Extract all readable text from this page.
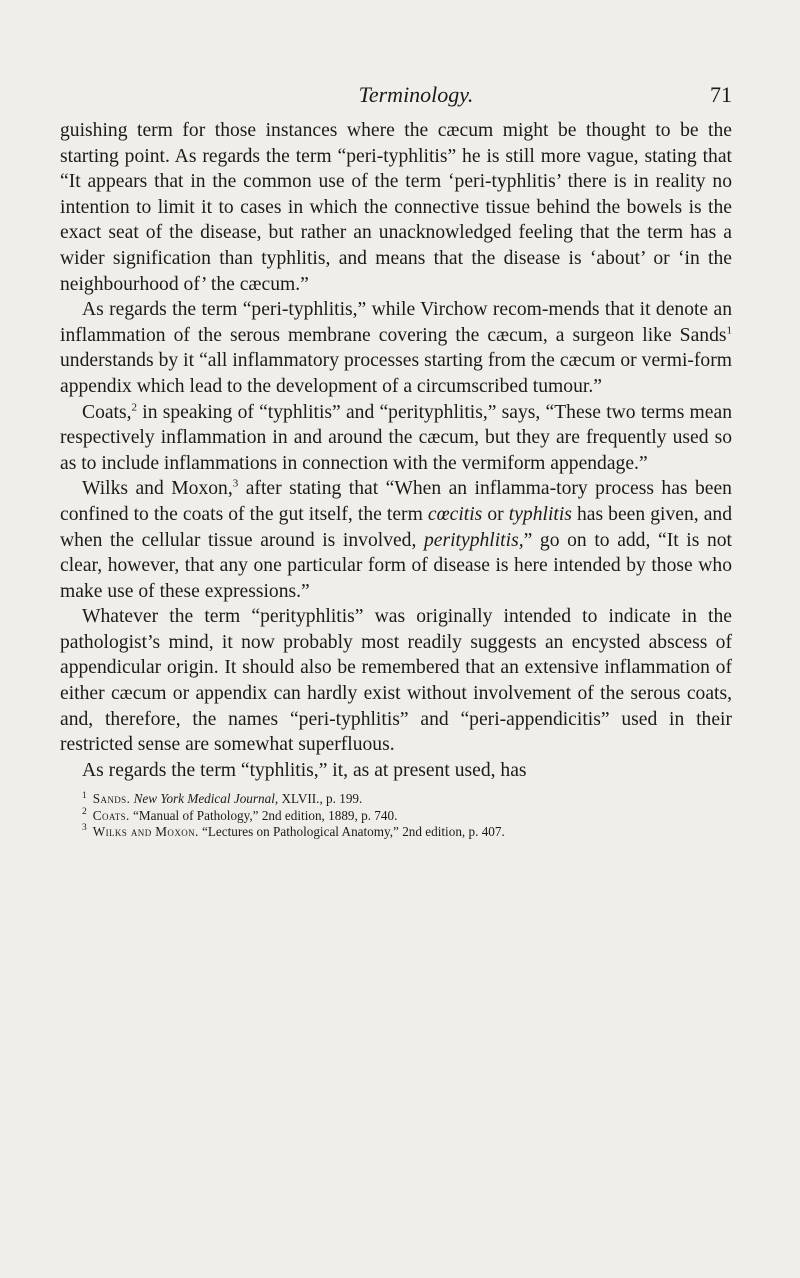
Terminology.	71

guishing term for those instances where the cæcum might be thought to be the starting point. As regards the term “peri-typhlitis” he is still more vague, stating that “It appears that in the common use of the term ‘peri-typhlitis’ there is in reality no intention to limit it to cases in which the connective tissue behind the bowels is the exact seat of the disease, but rather an unacknowledged feeling that the term has a wider signification than typhlitis, and means that the disease is ‘about’ or ‘in the neighbourhood of’ the cæcum.”

As regards the term “peri-typhlitis,” while Virchow recom-mends that it denote an inflammation of the serous membrane covering the cæcum, a surgeon like Sands$^1$ understands by it “all inflammatory processes starting from the cæcum or vermi-form appendix which lead to the development of a circumscribed tumour.”

Coats,$^2$ in speaking of “typhlitis” and “perityphlitis,” says, “These two terms mean respectively inflammation in and around the cæcum, but they are frequently used so as to include inflammations in connection with the vermiform appendage.”

Wilks and Moxon,$^3$ after stating that “When an inflamma-tory process has been confined to the coats of the gut itself, the term cœcitis or typhlitis has been given, and when the cellular tissue around is involved, perityphlitis,” go on to add, “It is not clear, however, that any one particular form of disease is here intended by those who make use of these expressions.”

Whatever the term “perityphlitis” was originally intended to indicate in the pathologist’s mind, it now probably most readily suggests an encysted abscess of appendicular origin. It should also be remembered that an extensive inflammation of either cæcum or appendix can hardly exist without involvement of the serous coats, and, therefore, the names “peri-typhlitis” and “peri-appendicitis” used in their restricted sense are somewhat superfluous.

As regards the term “typhlitis,” it, as at present used, has

$^1$ Sands. New York Medical Journal, XLVII., p. 199.
$^2$ Coats. “Manual of Pathology,” 2nd edition, 1889, p. 740.
$^3$ Wilks and Moxon. “Lectures on Pathological Anatomy,” 2nd edition, p. 407.
